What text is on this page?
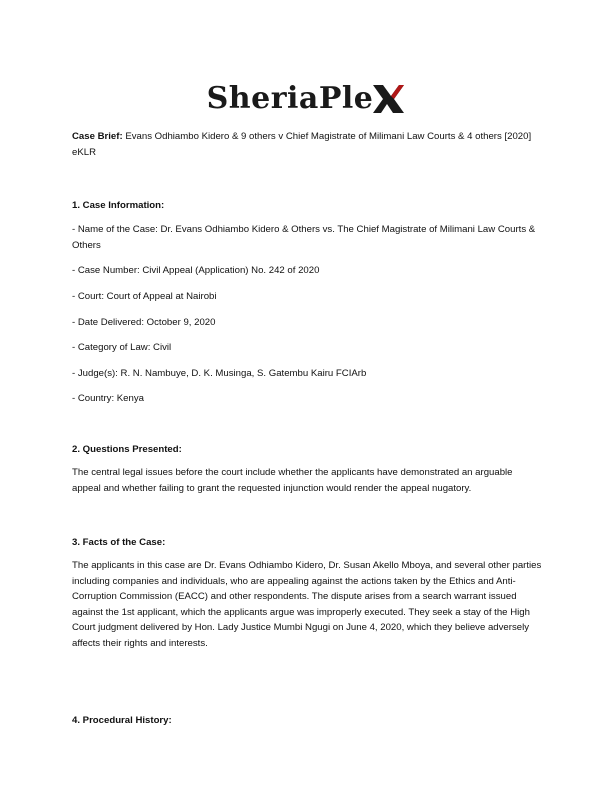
SheriaPle
Case Brief: Evans Odhiambo Kidero & 9 others v Chief Magistrate of Milimani Law Courts & 4 others [2020] eKLR
1. Case Information:
- Name of the Case: Dr. Evans Odhiambo Kidero & Others vs. The Chief Magistrate of Milimani Law Courts & Others
- Case Number: Civil Appeal (Application) No. 242 of 2020
- Court: Court of Appeal at Nairobi
- Date Delivered: October 9, 2020
- Category of Law: Civil
- Judge(s): R. N. Nambuye, D. K. Musinga, S. Gatembu Kairu FCIArb
- Country: Kenya
2. Questions Presented:
The central legal issues before the court include whether the applicants have demonstrated an arguable appeal and whether failing to grant the requested injunction would render the appeal nugatory.
3. Facts of the Case:
The applicants in this case are Dr. Evans Odhiambo Kidero, Dr. Susan Akello Mboya, and several other parties including companies and individuals, who are appealing against the actions taken by the Ethics and Anti-Corruption Commission (EACC) and other respondents. The dispute arises from a search warrant issued against the 1st applicant, which the applicants argue was improperly executed. They seek a stay of the High Court judgment delivered by Hon. Lady Justice Mumbi Ngugi on June 4, 2020, which they believe adversely affects their rights and interests.
4. Procedural History:
